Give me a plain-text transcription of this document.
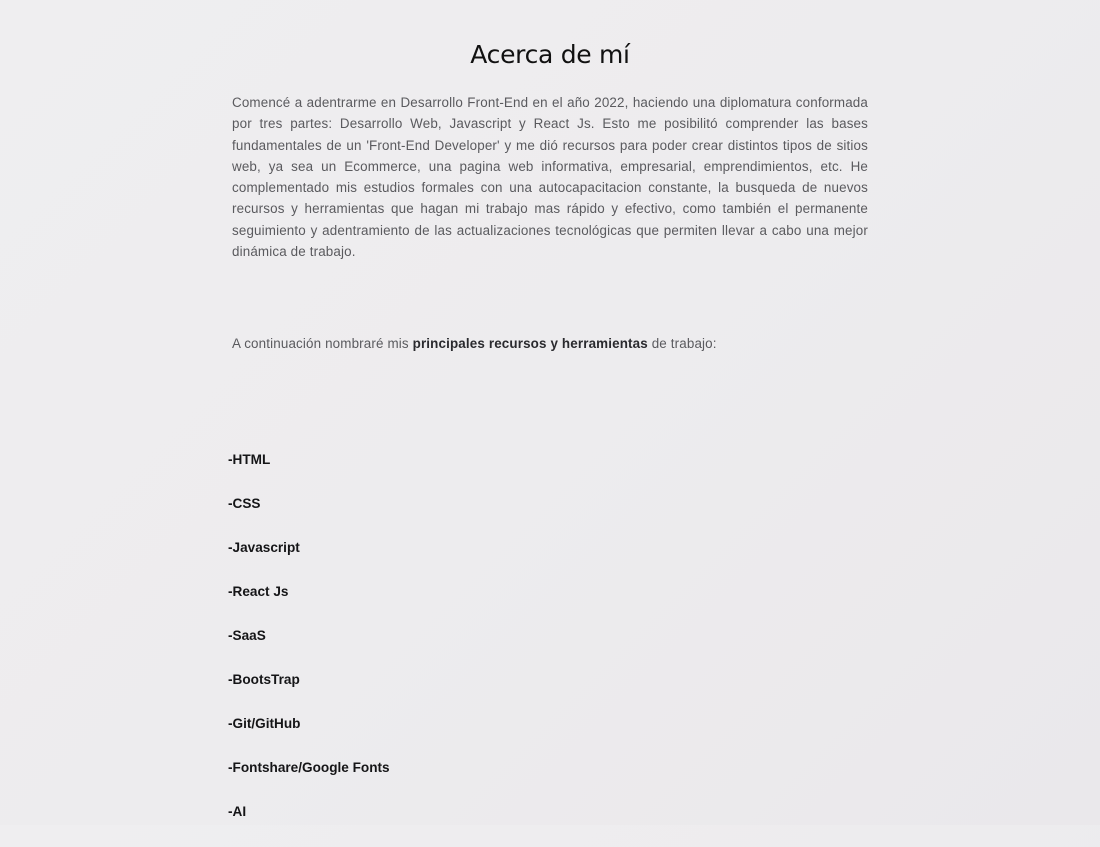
Acerca de mí

Comencé a adentrarme en Desarrollo Front-End en el año 2022, haciendo una diplomatura conformada por tres partes: Desarrollo Web, Javascript y React Js. Esto me posibilitó comprender las bases fundamentales de un 'Front-End Developer' y me dió recursos para poder crear distintos tipos de sitios web, ya sea un Ecommerce, una pagina web informativa, empresarial, emprendimientos, etc. He complementado mis estudios formales con una autocapacitacion constante, la busqueda de nuevos recursos y herramientas que hagan mi trabajo mas rápido y efectivo, como también el permanente seguimiento y adentramiento de las actualizaciones tecnológicas que permiten llevar a cabo una mejor dinámica de trabajo.

A continuación nombraré mis principales recursos y herramientas de trabajo:

-HTML
-CSS
-Javascript
-React Js
-SaaS
-BootsTrap
-Git/GitHub
-Fontshare/Google Fonts
-AI
